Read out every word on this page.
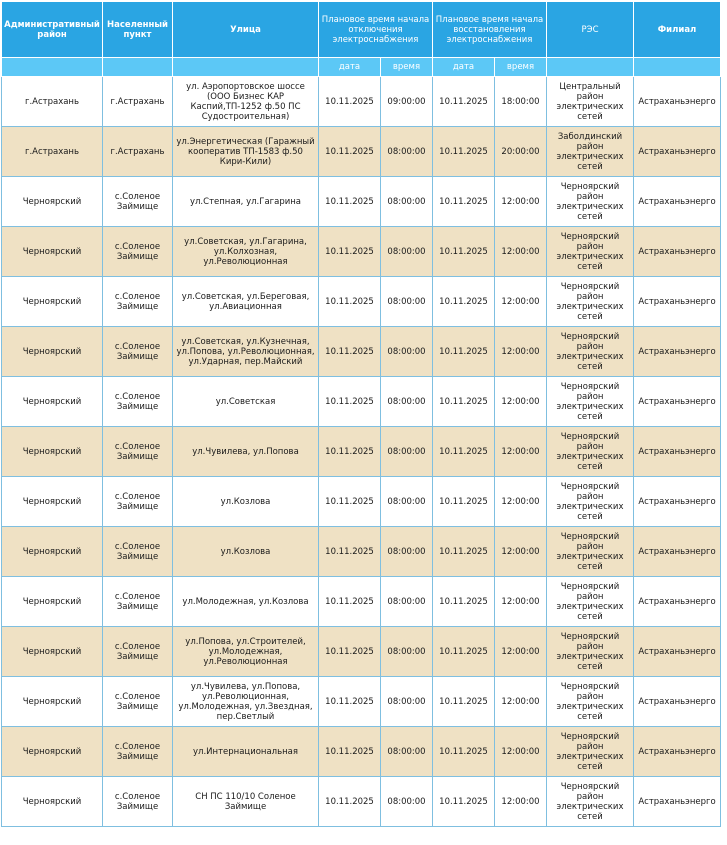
Административный район	Населенный пункт	Улица	Плановое время начала отключения электроснабжения		Плановое время начала восстановления электроснабжения		РЭС	Филиал
			дата	время	дата	время		
г.Астрахань	г.Астрахань	ул. Аэропортовское шоссе (ООО Бизнес КАР Каспий,ТП-1252 ф.50 ПС Судостроительная)	10.11.2025	09:00:00	10.11.2025	18:00:00	Центральный район электрических сетей	Астраханьэнерго
г.Астрахань	г.Астрахань	ул.Энергетическая (Гаражный кооператив ТП-1583 ф.50 Кири-Кили)	10.11.2025	08:00:00	10.11.2025	20:00:00	Заболдинский район электрических сетей	Астраханьэнерго
Черноярский	с.Соленое Займище	ул.Степная, ул.Гагарина	10.11.2025	08:00:00	10.11.2025	12:00:00	Черноярский район электрических сетей	Астраханьэнерго
Черноярский	с.Соленое Займище	ул.Советская, ул.Гагарина, ул.Колхозная, ул.Революционная	10.11.2025	08:00:00	10.11.2025	12:00:00	Черноярский район электрических сетей	Астраханьэнерго
Черноярский	с.Соленое Займище	ул.Советская, ул.Береговая, ул.Авиационная	10.11.2025	08:00:00	10.11.2025	12:00:00	Черноярский район электрических сетей	Астраханьэнерго
Черноярский	с.Соленое Займище	ул.Советская, ул.Кузнечная, ул.Попова, ул.Революционная, ул.Ударная, пер.Майский	10.11.2025	08:00:00	10.11.2025	12:00:00	Черноярский район электрических сетей	Астраханьэнерго
Черноярский	с.Соленое Займище	ул.Советская	10.11.2025	08:00:00	10.11.2025	12:00:00	Черноярский район электрических сетей	Астраханьэнерго
Черноярский	с.Соленое Займище	ул.Чувилева, ул.Попова	10.11.2025	08:00:00	10.11.2025	12:00:00	Черноярский район электрических сетей	Астраханьэнерго
Черноярский	с.Соленое Займище	ул.Козлова	10.11.2025	08:00:00	10.11.2025	12:00:00	Черноярский район электрических сетей	Астраханьэнерго
Черноярский	с.Соленое Займище	ул.Козлова	10.11.2025	08:00:00	10.11.2025	12:00:00	Черноярский район электрических сетей	Астраханьэнерго
Черноярский	с.Соленое Займище	ул.Молодежная, ул.Козлова	10.11.2025	08:00:00	10.11.2025	12:00:00	Черноярский район электрических сетей	Астраханьэнерго
Черноярский	с.Соленое Займище	ул.Попова, ул.Строителей, ул.Молодежная, ул.Революционная	10.11.2025	08:00:00	10.11.2025	12:00:00	Черноярский район электрических сетей	Астраханьэнерго
Черноярский	с.Соленое Займище	ул.Чувилева, ул.Попова, ул.Революционная, ул.Молодежная, ул.Звездная, пер.Светлый	10.11.2025	08:00:00	10.11.2025	12:00:00	Черноярский район электрических сетей	Астраханьэнерго
Черноярский	с.Соленое Займище	ул.Интернациональная	10.11.2025	08:00:00	10.11.2025	12:00:00	Черноярский район электрических сетей	Астраханьэнерго
Черноярский	с.Соленое Займище	СН ПС 110/10 Соленое Займище	10.11.2025	08:00:00	10.11.2025	12:00:00	Черноярский район электрических сетей	Астраханьэнерго
